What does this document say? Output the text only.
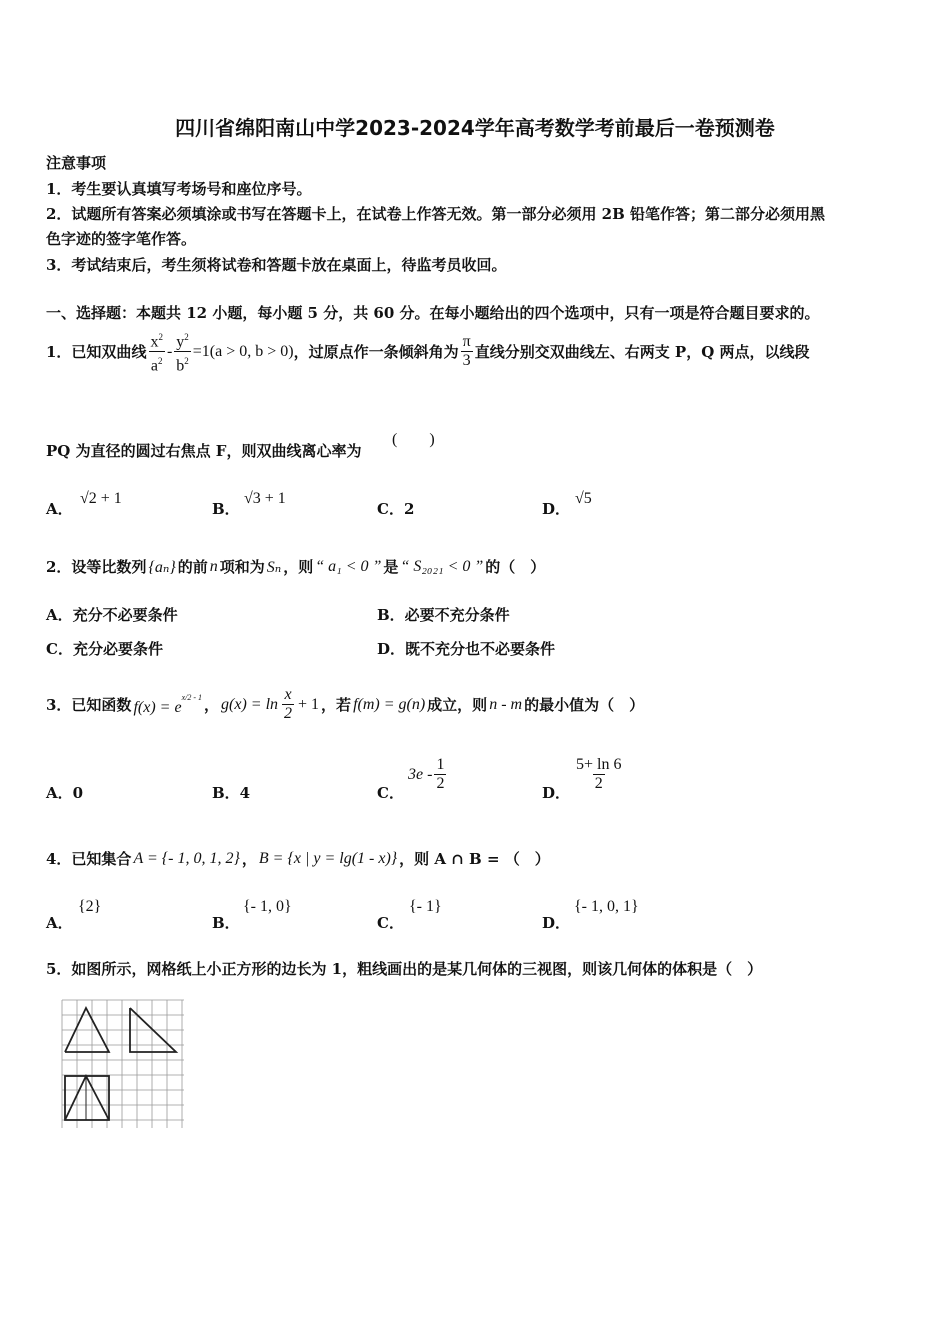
四川省绵阳南山中学2023-2024学年高考数学考前最后一卷预测卷
注意事项
1．考生要认真填写考场号和座位序号。
2．试题所有答案必须填涂或书写在答题卡上，在试卷上作答无效。第一部分必须用 2B 铅笔作答；第二部分必须用黑
色字迹的签字笔作答。
3．考试结束后，考生须将试卷和答题卡放在桌面上，待监考员收回。
一、选择题：本题共 12 小题，每小题 5 分，共 60 分。在每小题给出的四个选项中，只有一项是符合题目要求的。
1．已知双曲线 $\frac{x^2}{a^2} - \frac{y^2}{b^2} =1(a > 0$, b > 0) ，过原点作一条倾斜角为 $\frac{\pi}{3}$ 直线分别交双曲线左、右两支 P，Q 两点，以线段
PQ 为直径的圆过右焦点 F，则双曲线离心率为
(　　)
A．
√2 + 1
B．
√3 + 1
C．2	D．
√5
2．设等比数列 {aₙ} 的前 n 项和为 Sₙ ，则 “ a₁ < 0 ” 是 “ S₂₀₂₁ < 0 ” 的（　）
A．充分不必要条件	B．必要不充分条件
C．充分必要条件	D．既不充分也不必要条件
3．已知函数 $f(x) = e^{x/2 - 1}$ ， $g(x) = \ln \frac{x}{2} + 1$ ，若 f(m) = g(n) 成立，则 n - m 的最小值为（　）
A．0	B．4	C．
$3e - \frac{1}{2}$	D． $\frac{5+ \ln 6}{2}$
4．已知集合 A = {- 1, 0, 1, 2} ， B = {x | y = lg(1 - x)} ，则 A ∩ B = （　）
A．
{2}
B．
{- 1, 0}
C．
{- 1}
D．
{- 1, 0, 1}
5．如图所示，网格纸上小正方形的边长为 1，粗线画出的是某几何体的三视图，则该几何体的体积是（　）
